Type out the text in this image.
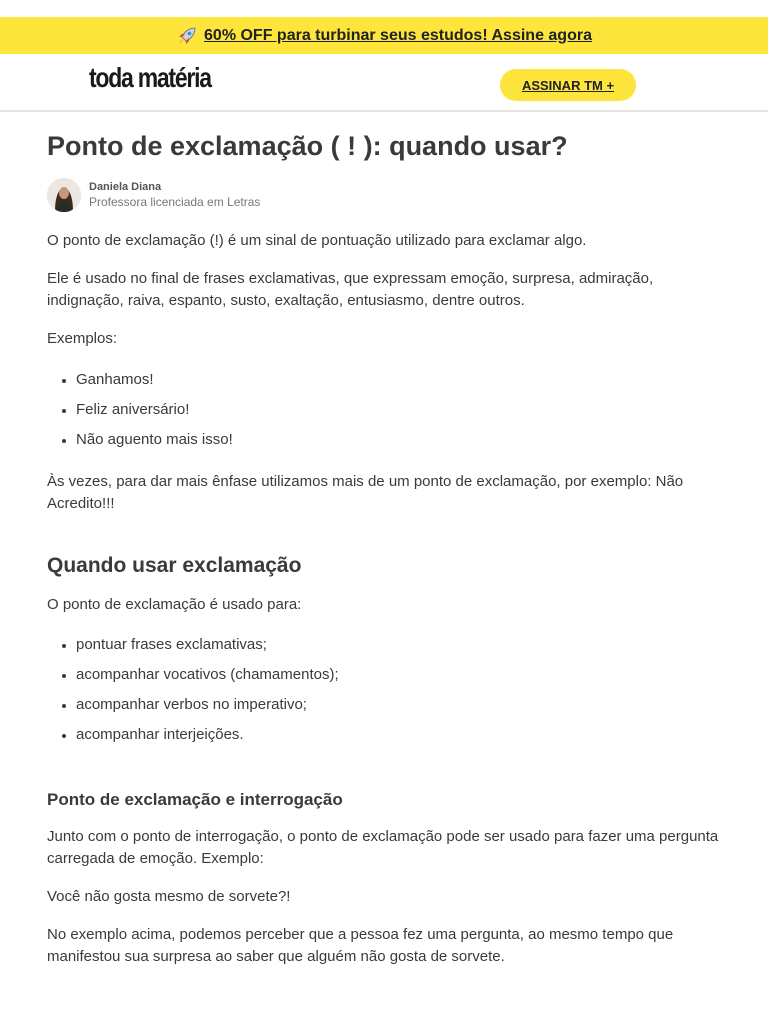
60% OFF para turbinar seus estudos! Assine agora
toda matéria	ASSINAR TM +
Ponto de exclamação ( ! ): quando usar?
Daniela Diana
Professora licenciada em Letras

O ponto de exclamação (!) é um sinal de pontuação utilizado para exclamar algo.

Ele é usado no final de frases exclamativas, que expressam emoção, surpresa, admiração, indignação, raiva, espanto, susto, exaltação, entusiasmo, dentre outros.

Exemplos:

• Ganhamos!
• Feliz aniversário!
• Não aguento mais isso!

Às vezes, para dar mais ênfase utilizamos mais de um ponto de exclamação, por exemplo: Não Acredito!!!

Quando usar exclamação

O ponto de exclamação é usado para:

• pontuar frases exclamativas;
• acompanhar vocativos (chamamentos);
• acompanhar verbos no imperativo;
• acompanhar interjeições.
Ponto de exclamação e interrogação

Junto com o ponto de interrogação, o ponto de exclamação pode ser usado para fazer uma pergunta carregada de emoção. Exemplo:

Você não gosta mesmo de sorvete?!

No exemplo acima, podemos perceber que a pessoa fez uma pergunta, ao mesmo tempo que manifestou sua surpresa ao saber que alguém não gosta de sorvete.
